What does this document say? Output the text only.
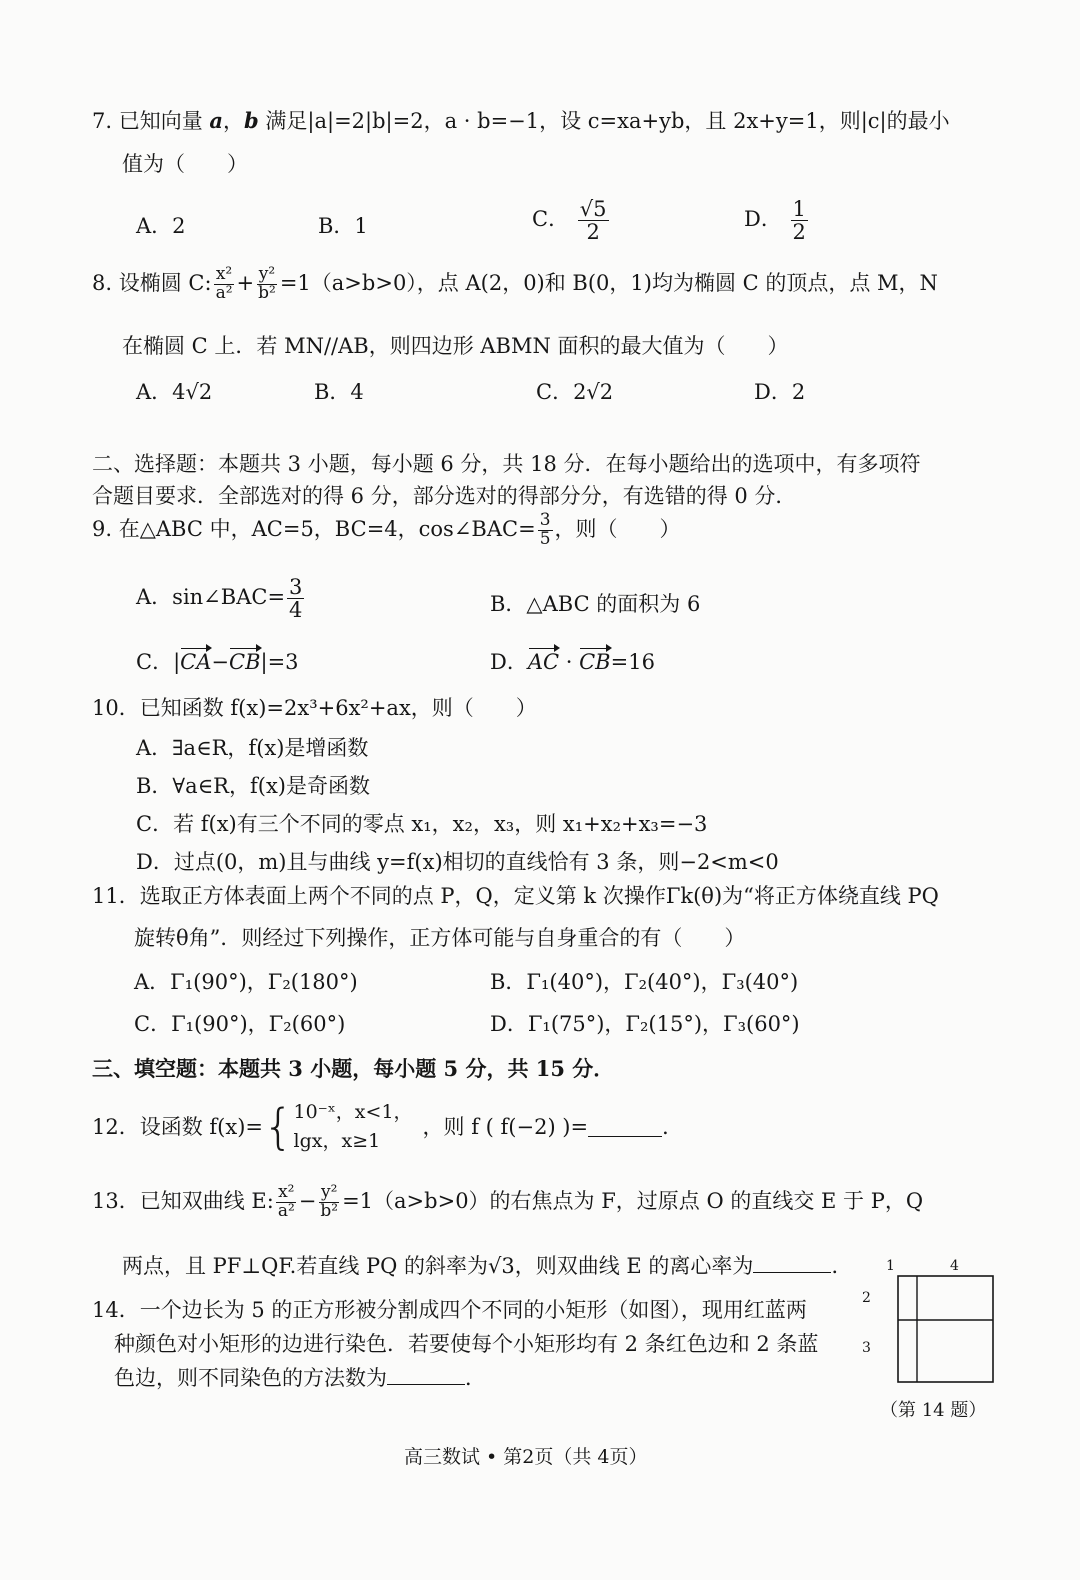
7. 已知向量 a，b 满足|a|=2|b|=2，a · b=−1，设 c=xa+yb，且 2x+y=1，则|c|的最小
值为（　　）
A．2	B．1	C． $\frac{√5}{2}$	D． $\frac{1}{2}$
8. 设椭圆 C: $\frac{\text{x²}}{\text{a²}} + \frac{\text{y²}}{\text{b²}} =1(a>b>0)$，点 A(2，0)和 B(0，1)均为椭圆 C 的顶点，点 M，N
在椭圆 C 上．若 MN//AB，则四边形 ABMN 面积的最大值为（　　）
A．4√2	B．4	C．2√2	D．2
二、选择题：本题共 3 小题，每小题 6 分，共 18 分．在每小题给出的选项中，有多项符
合题目要求．全部选对的得 6 分，部分选对的得部分分，有选错的得 0 分．
9. 在△ABC 中，AC=5，BC=4，cos∠BAC= $\frac{3}{5}$ ，则（　　）
A．sin∠BAC= $\frac{3}{4}$	B．△ABC 的面积为 6
C．|CA−CB|=3	D．AC · CB=16
10．已知函数 f(x)=2x³+6x²+ax，则（　　）
A．∃a∈R，f(x)是增函数
B．∀a∈R，f(x)是奇函数
C．若 f(x)有三个不同的零点 x₁，x₂，x₃，则 x₁+x₂+x₃=−3
D．过点(0，m)且与曲线 y=f(x)相切的直线恰有 3 条，则−2<m<0
11．选取正方体表面上两个不同的点 P，Q，定义第 k 次操作Γk(θ)为“将正方体绕直线 PQ
旋转θ角”．则经过下列操作，正方体可能与自身重合的有（　　）
A．Γ₁(90°)，Γ₂(180°)	B．Γ₁(40°)，Γ₂(40°)，Γ₃(40°)
C．Γ₁(90°)，Γ₂(60°)	D．Γ₁(75°)，Γ₂(15°)，Γ₃(60°)
三、填空题：本题共 3 小题，每小题 5 分，共 15 分．
12．设函数 f(x)= { 10⁻ˣ，x<1，
lgx，x≥1
，则 f ( f(−2) )=	．
13．已知双曲线 E: $\frac{\text{x²}}{\text{a²}} - \frac{\text{y²}}{\text{b²}} =1(a>b>0)$的右焦点为 F，过原点 O 的直线交 E 于 P，Q
两点，且 PF⊥QF.若直线 PQ 的斜率为√3，则双曲线 E 的离心率为	．
14．一个边长为 5 的正方形被分割成四个不同的小矩形（如图），现用红蓝两
种颜色对小矩形的边进行染色．若要使每个小矩形均有 2 条红色边和 2 条蓝
色边，则不同染色的方法数为	．
1	4
2
3
（第 14 题）
高三数试 • 第2页（共 4页）
